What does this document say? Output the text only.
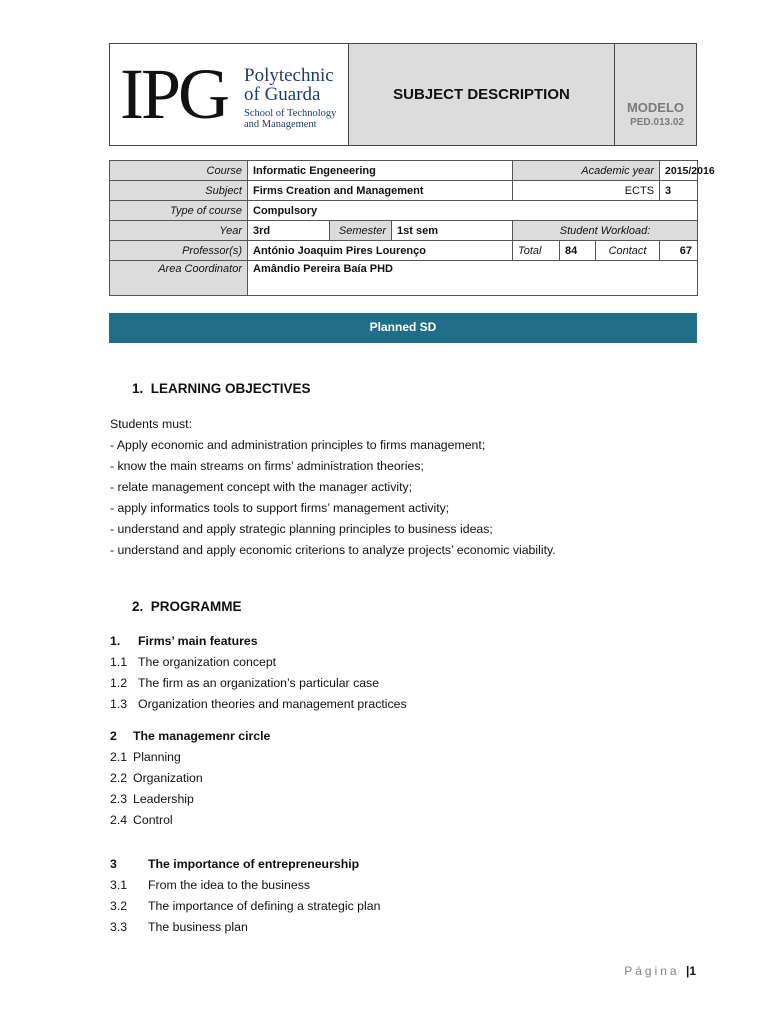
IPG Polytechnic
of Guarda
School of Technology
and Management
SUBJECT DESCRIPTION
MODELO
PED.013.02
Course	Informatic Engeneering			Academic year			2015/2016
Subject	Firms Creation and Management			ECTS			3
Type of course	Compulsory						
Year	3rd	Semester	1st sem	Student Workload:			
Professor(s)	António Joaquim Pires Lourenço			Total	84	Contact	67
Area Coordinator	Amândio Pereira Baía PHD						
Planned SD
1. LEARNING OBJECTIVES
Students must:
- Apply economic and administration principles to firms management;
- know the main streams on firms’ administration theories;
- relate management concept with the manager activity;
- apply informatics tools to support firms’ management activity;
- understand and apply strategic planning principles to business ideas;
- understand and apply economic criterions to analyze projects’ economic viability.
2. PROGRAMME
1. Firms’ main features
1.1 The organization concept
1.2 The firm as an organization’s particular case
1.3 Organization theories and management practices
2 The managemenr circle
2.1 Planning
2.2 Organization
2.3 Leadership
2.4 Control
3	The importance of entrepreneurship
3.1 From the idea to the business
3.2 The importance of defining a strategic plan
3.3 The business plan
Página |1
